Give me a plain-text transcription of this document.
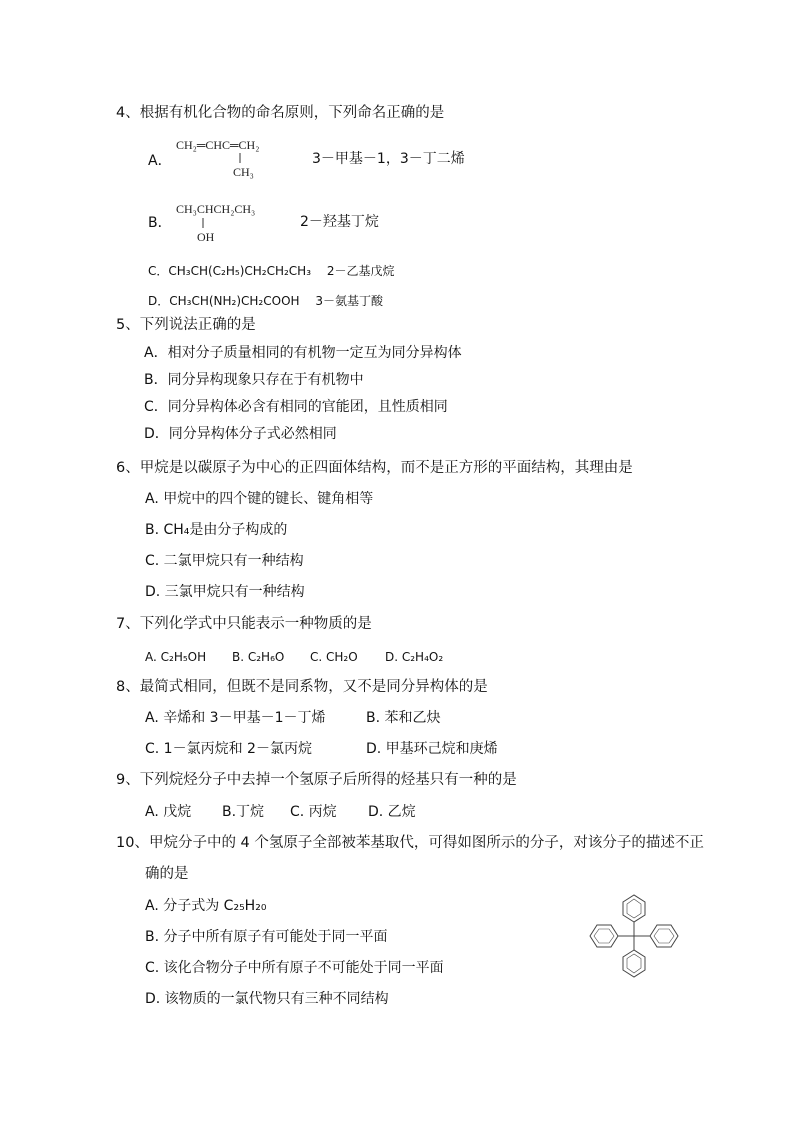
4、根据有机化合物的命名原则，下列命名正确的是
A．
CH₂═CHC═CH₂
CH₃
3－甲基－1，3－丁二烯
B．
CH₃CHCH₂CH₃
OH
2－羟基丁烷
C．CH₃CH(C₂H₅)CH₂CH₂CH₃　 2－乙基戊烷
D．CH₃CH(NH₂)CH₂COOH　 3－氨基丁酸
5、下列说法正确的是
A．相对分子质量相同的有机物一定互为同分异构体
B．同分异构现象只存在于有机物中
C．同分异构体必含有相同的官能团，且性质相同
D．同分异构体分子式必然相同
6、甲烷是以碳原子为中心的正四面体结构，而不是正方形的平面结构，其理由是
A. 甲烷中的四个键的键长、键角相等
B. CH₄是由分子构成的
C. 二氯甲烷只有一种结构
D. 三氯甲烷只有一种结构
7、下列化学式中只能表示一种物质的是
A. C₂H₅OH B. C₂H₆O C. CH₂O D. C₂H₄O₂
8、最简式相同，但既不是同系物，又不是同分异构体的是
A. 辛烯和 3－甲基－1－丁烯	B. 苯和乙炔
C. 1－氯丙烷和 2－氯丙烷	D. 甲基环己烷和庚烯
9、下列烷烃分子中去掉一个氢原子后所得的烃基只有一种的是
A. 戊烷 B.丁烷 C. 丙烷 D. 乙烷
10、甲烷分子中的 4 个氢原子全部被苯基取代，可得如图所示的分子，对该分子的描述不正
确的是
A. 分子式为 C₂₅H₂₀
B. 分子中所有原子有可能处于同一平面
C. 该化合物分子中所有原子不可能处于同一平面
D. 该物质的一氯代物只有三种不同结构
